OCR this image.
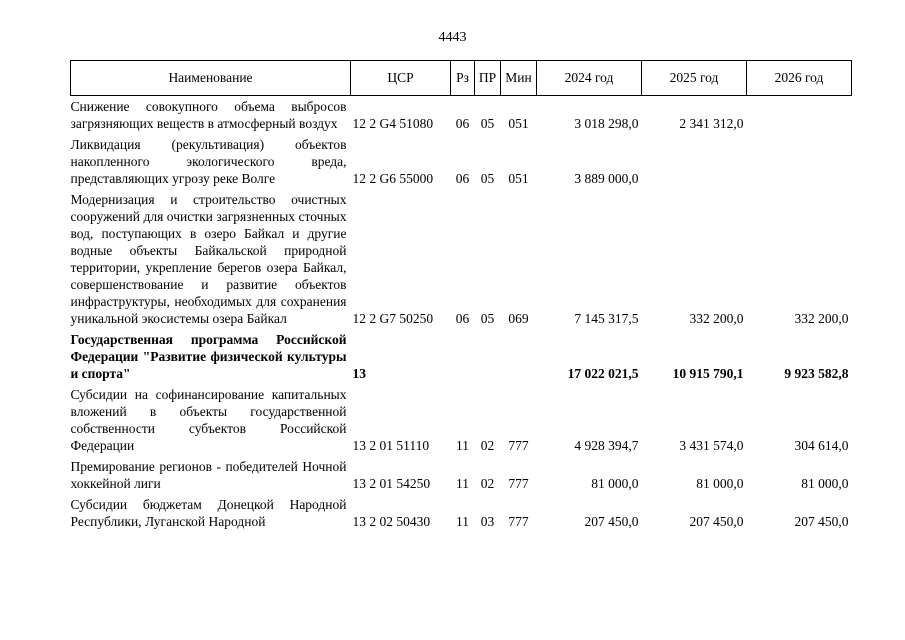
4443
Наименование	ЦСР	Рз	ПР	Мин	2024 год	2025 год	2026 год
Снижение совокупного объема выбросов загрязняющих веществ в атмосферный воздух	12 2 G4 51080	06	05	051	3 018 298,0	2 341 312,0	
Ликвидация (рекультивация) объектов накопленного экологического вреда, представляющих угрозу реке Волге	12 2 G6 55000	06	05	051	3 889 000,0		
Модернизация и строительство очистных сооружений для очистки загрязненных сточных вод, поступающих в озеро Байкал и другие водные объекты Байкальской природной территории, укрепление берегов озера Байкал, совершенствование и развитие объектов инфраструктуры, необходимых для сохранения уникальной экосистемы озера Байкал	12 2 G7 50250	06	05	069	7 145 317,5	332 200,0	332 200,0
Государственная программа Российской Федерации "Развитие физической культуры и спорта"	13				17 022 021,5	10 915 790,1	9 923 582,8
Субсидии на софинансирование капитальных вложений в объекты государственной собственности субъектов Российской Федерации	13 2 01 51110	11	02	777	4 928 394,7	3 431 574,0	304 614,0
Премирование регионов - победителей Ночной хоккейной лиги	13 2 01 54250	11	02	777	81 000,0	81 000,0	81 000,0
Субсидии бюджетам Донецкой Народной Республики, Луганской Народной	13 2 02 50430	11	03	777	207 450,0	207 450,0	207 450,0
